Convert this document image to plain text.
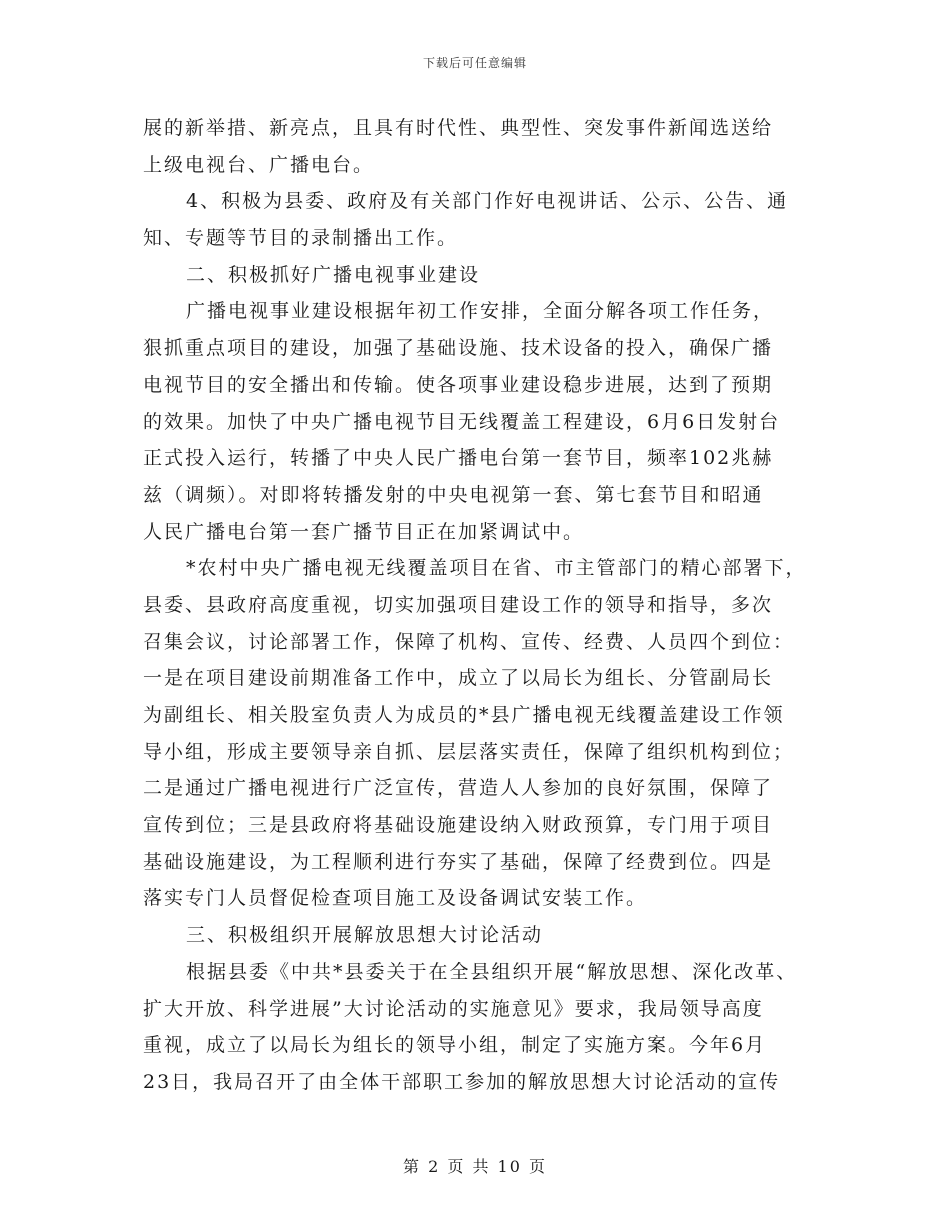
下载后可任意编辑
展的新举措、新亮点，且具有时代性、典型性、突发事件新闻选送给
上级电视台、广播电台。
4、积极为县委、政府及有关部门作好电视讲话、公示、公告、通
知、专题等节目的录制播出工作。
二、积极抓好广播电视事业建设
广播电视事业建设根据年初工作安排，全面分解各项工作任务，
狠抓重点项目的建设，加强了基础设施、技术设备的投入，确保广播
电视节目的安全播出和传输。使各项事业建设稳步进展，达到了预期
的效果。加快了中央广播电视节目无线覆盖工程建设，6月6日发射台
正式投入运行，转播了中央人民广播电台第一套节目，频率102兆赫
兹（调频）。对即将转播发射的中央电视第一套、第七套节目和昭通
人民广播电台第一套广播节目正在加紧调试中。
*农村中央广播电视无线覆盖项目在省、市主管部门的精心部署下，
县委、县政府高度重视，切实加强项目建设工作的领导和指导，多次
召集会议，讨论部署工作，保障了机构、宣传、经费、人员四个到位：
一是在项目建设前期准备工作中，成立了以局长为组长、分管副局长
为副组长、相关股室负责人为成员的*县广播电视无线覆盖建设工作领
导小组，形成主要领导亲自抓、层层落实责任，保障了组织机构到位；
二是通过广播电视进行广泛宣传，营造人人参加的良好氛围，保障了
宣传到位；三是县政府将基础设施建设纳入财政预算，专门用于项目
基础设施建设，为工程顺利进行夯实了基础，保障了经费到位。四是
落实专门人员督促检查项目施工及设备调试安装工作。
三、积极组织开展解放思想大讨论活动
根据县委《中共*县委关于在全县组织开展“解放思想、深化改革、
扩大开放、科学进展”大讨论活动的实施意见》要求，我局领导高度
重视，成立了以局长为组长的领导小组，制定了实施方案。今年6月
23日，我局召开了由全体干部职工参加的解放思想大讨论活动的宣传
第 2 页 共 10 页
